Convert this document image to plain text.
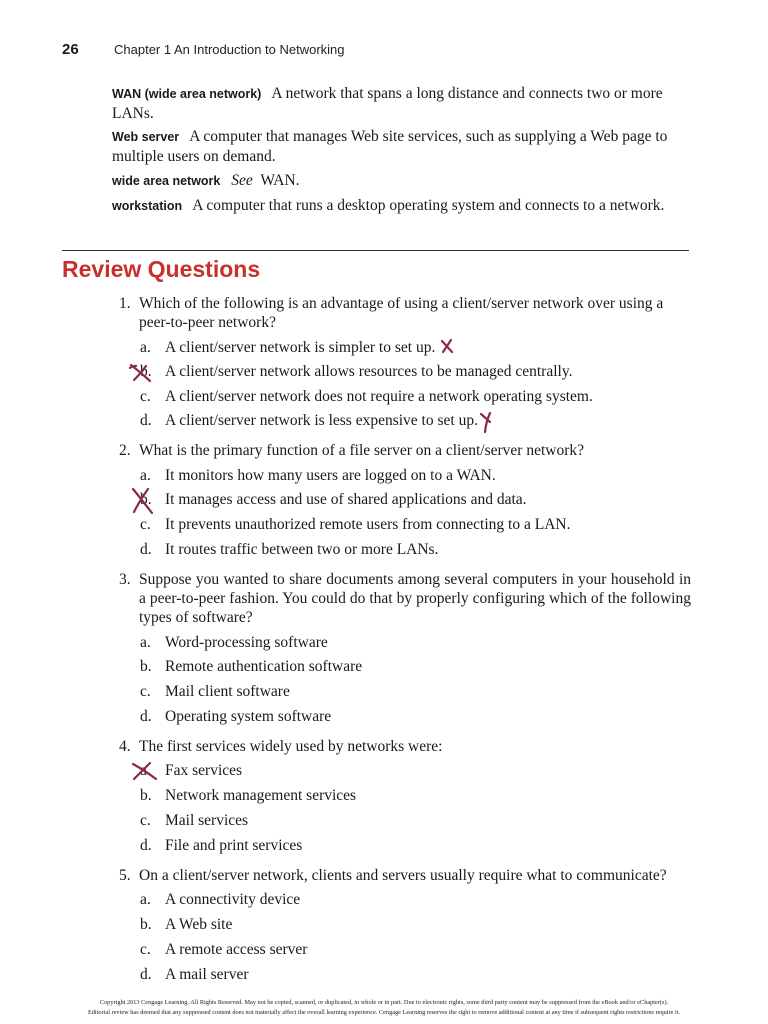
26	Chapter 1 An Introduction to Networking
WAN (wide area network) A network that spans a long distance and connects two or more LANs.
Web server A computer that manages Web site services, such as supplying a Web page to multiple users on demand.
wide area network See WAN.
workstation A computer that runs a desktop operating system and connects to a network.
Review Questions
1. Which of the following is an advantage of using a client/server network over using a peer-to-peer network?
a. A client/server network is simpler to set up.
b. A client/server network allows resources to be managed centrally.
c. A client/server network does not require a network operating system.
d. A client/server network is less expensive to set up.
2. What is the primary function of a file server on a client/server network?
a. It monitors how many users are logged on to a WAN.
b. It manages access and use of shared applications and data.
c. It prevents unauthorized remote users from connecting to a LAN.
d. It routes traffic between two or more LANs.
3. Suppose you wanted to share documents among several computers in your household in a peer-to-peer fashion. You could do that by properly configuring which of the following types of software?
a. Word-processing software
b. Remote authentication software
c. Mail client software
d. Operating system software
4. The first services widely used by networks were:
a. Fax services
b. Network management services
c. Mail services
d. File and print services
5. On a client/server network, clients and servers usually require what to communicate?
a. A connectivity device
b. A Web site
c. A remote access server
d. A mail server
Copyright 2013 Cengage Learning. All Rights Reserved. May not be copied, scanned, or duplicated, in whole or in part. Due to electronic rights, some third party content may be suppressed from the eBook and/or eChapter(s).
Editorial review has deemed that any suppressed content does not materially affect the overall learning experience. Cengage Learning reserves the right to remove additional content at any time if subsequent rights restrictions require it.
